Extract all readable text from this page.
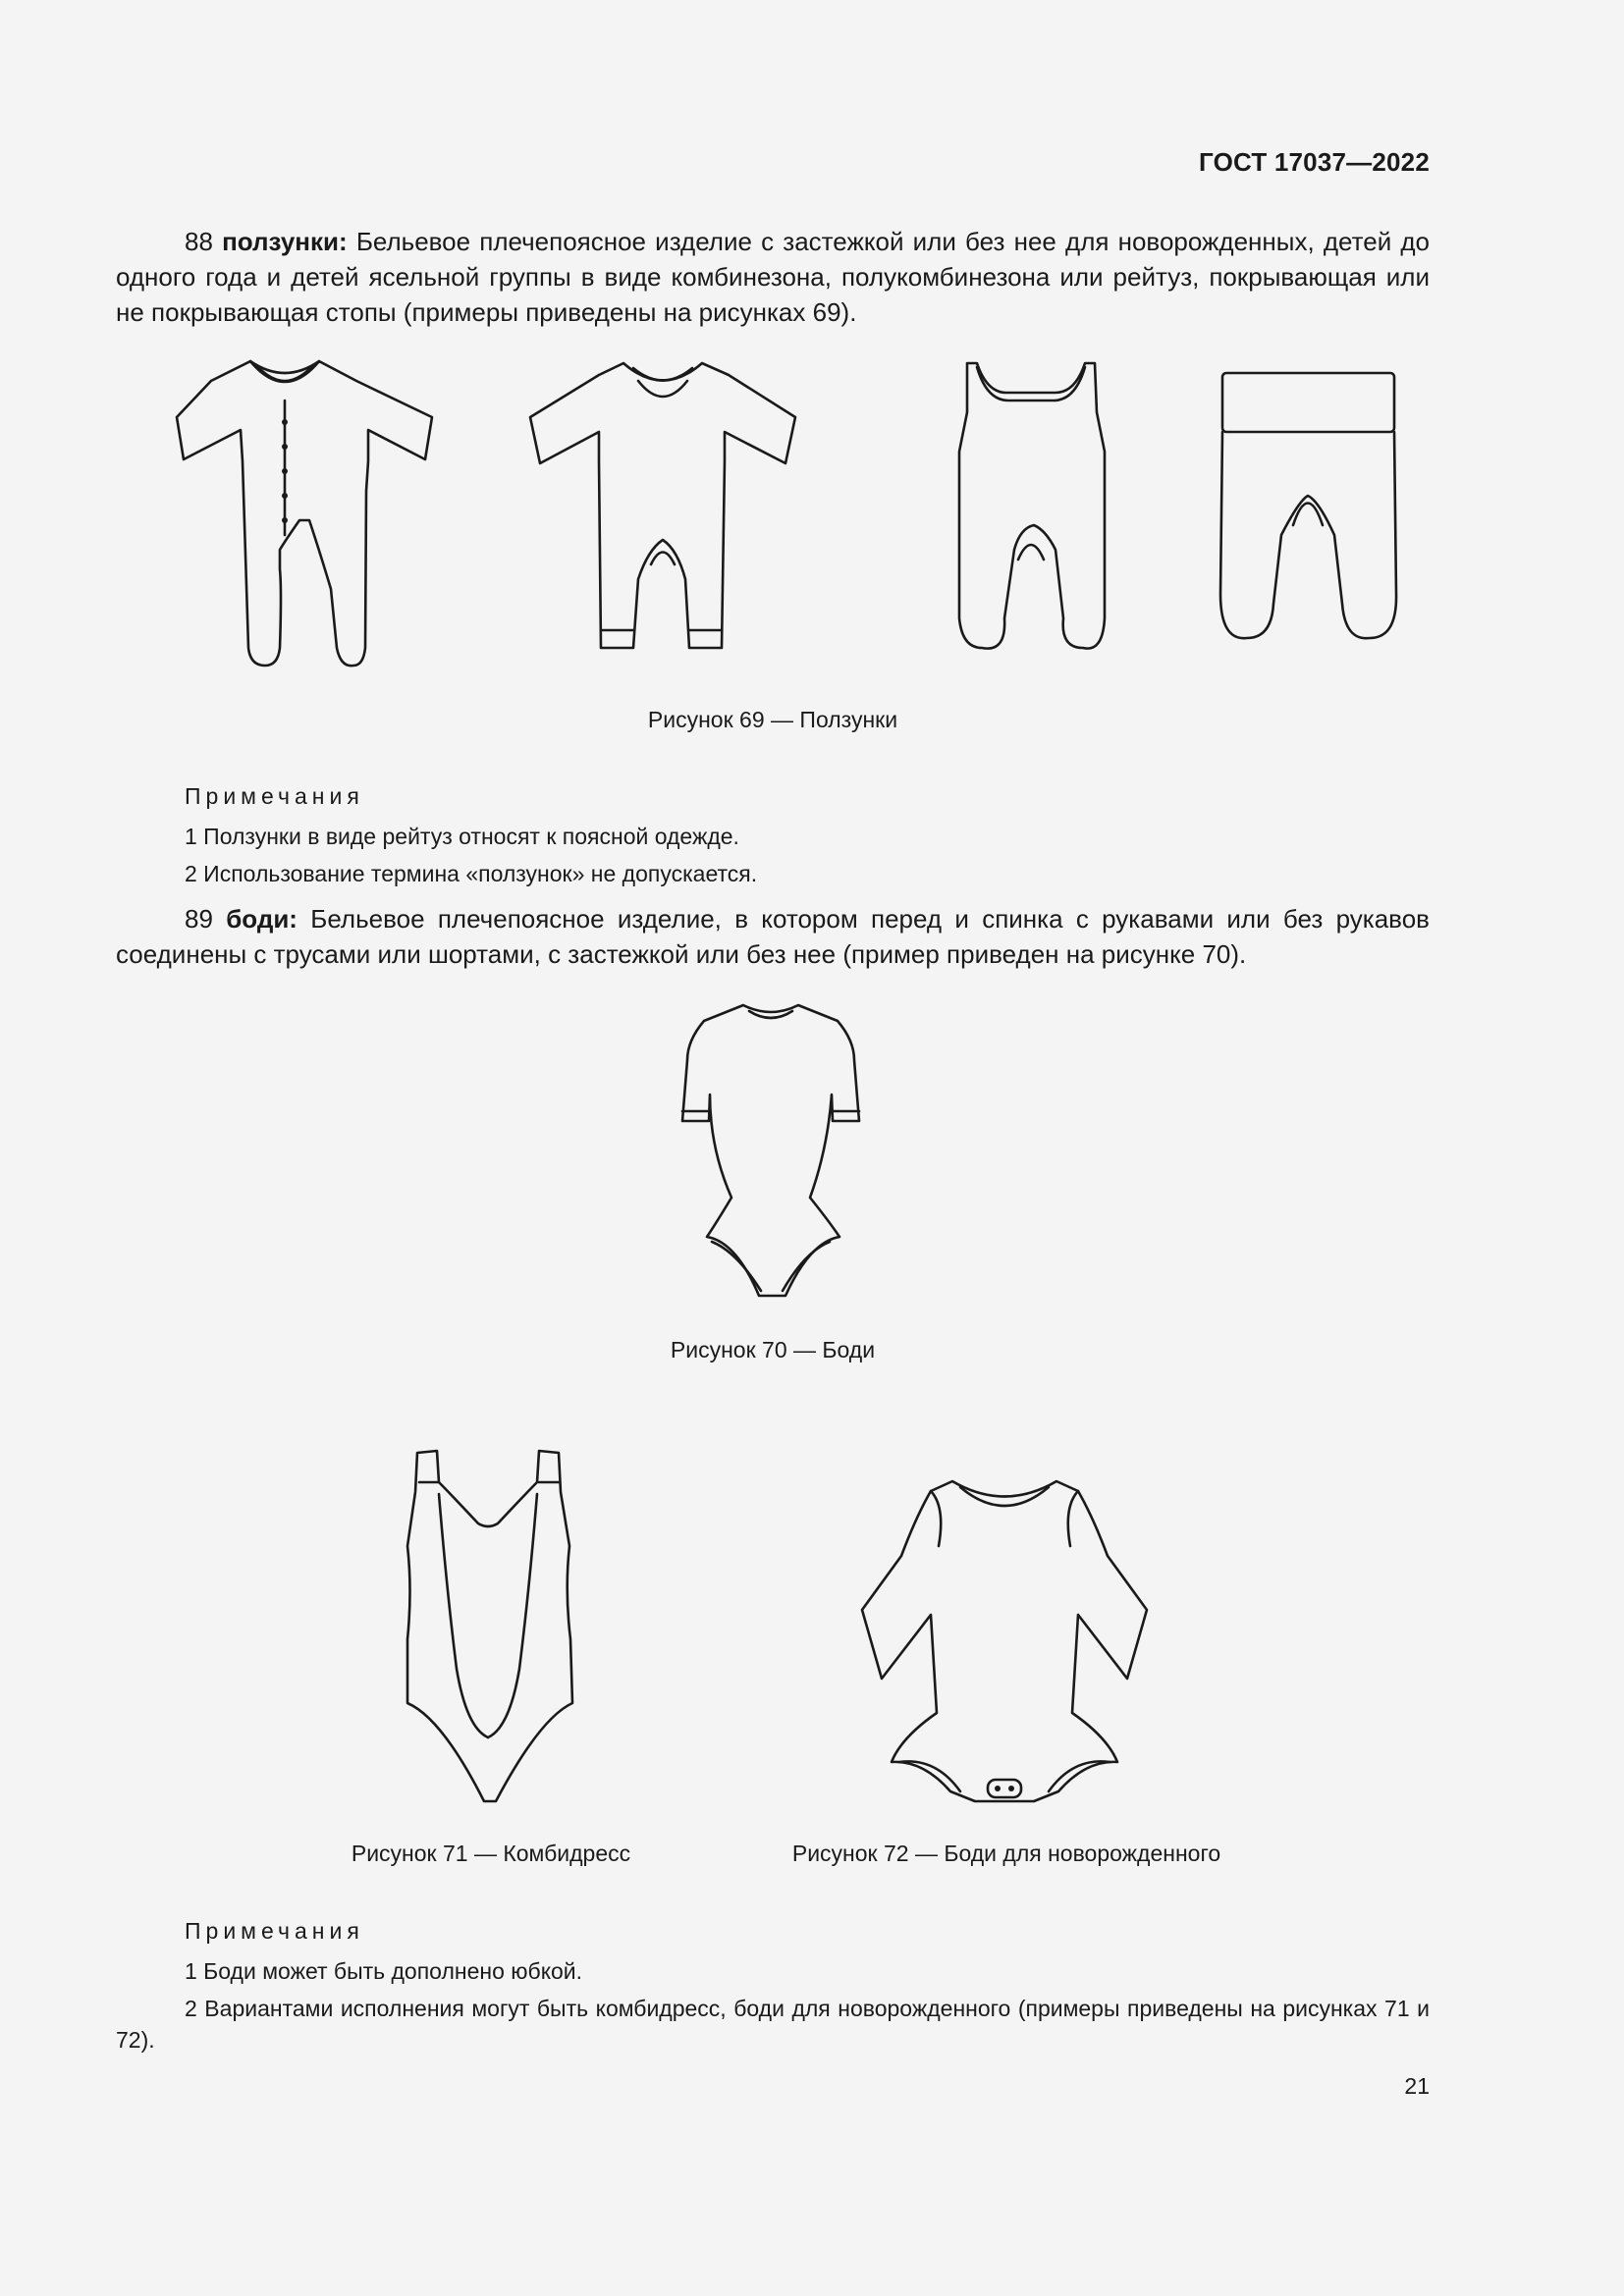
ГОСТ 17037—2022

88 ползунки: Бельевое плечепоясное изделие с застежкой или без нее для новорожденных, детей до одного года и детей ясельной группы в виде комбинезона, полукомбинезона или рейтуз, покрывающая или не покрывающая стопы (примеры приведены на рисунках 69).

Рисунок 69 — Ползунки
Примечания
1 Ползунки в виде рейтуз относят к поясной одежде.
2 Использование термина «ползунок» не допускается.

89 боди: Бельевое плечепоясное изделие, в котором перед и спинка с рукавами или без рукавов соединены с трусами или шортами, с застежкой или без нее (пример приведен на рисунке 70).

Рисунок 70 — Боди
Рисунок 71 — Комбидресс	Рисунок 72 — Боди для новорожденного
Примечания
1 Боди может быть дополнено юбкой.
2 Вариантами исполнения могут быть комбидресс, боди для новорожденного (примеры приведены на рисунках 71 и 72).
21
